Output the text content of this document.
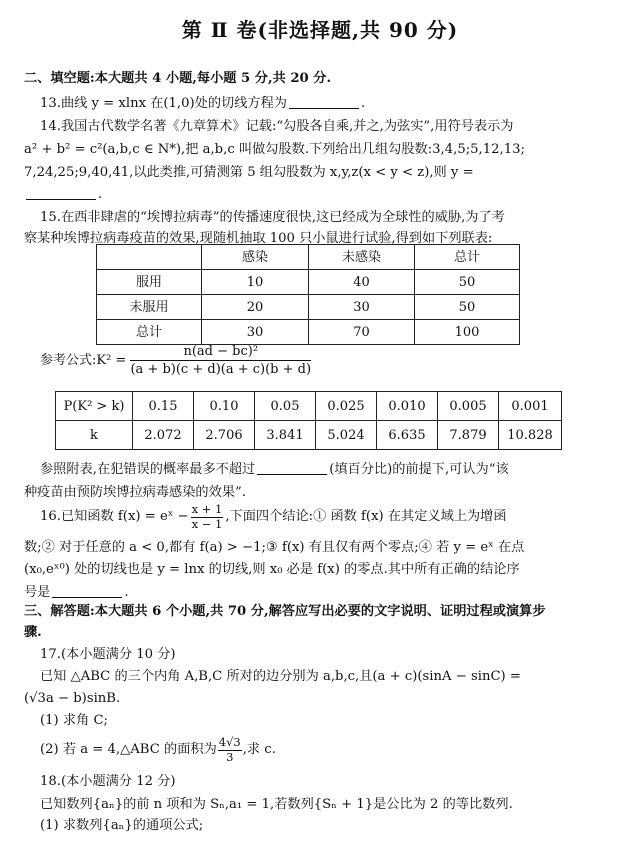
第 Ⅱ 卷(非选择题,共 90 分)
二、填空题:本大题共 4 小题,每小题 5 分,共 20 分.
13.曲线 y = xlnx 在(1,0)处的切线方程为	.
14.我国古代数学名著《九章算术》记载:“勾股各自乘,并之,为弦实”,用符号表示为
a² + b² = c²(a,b,c ∈ N*),把 a,b,c 叫做勾股数.下列给出几组勾股数:3,4,5;5,12,13;
7,24,25;9,40,41,以此类推,可猜测第 5 组勾股数为 x,y,z(x < y < z),则 y =
.
15.在西非肆虐的“埃博拉病毒”的传播速度很快,这已经成为全球性的威胁,为了考
察某种埃博拉病毒疫苗的效果,现随机抽取 100 只小鼠进行试验,得到如下列联表:
	感染	未感染	总计
服用	10	40	50
未服用	20	30	50
总计	30	70	100
参考公式:K² = $\frac{\text{n(ad − bc)²}}{(a + b)(c + d)(a + c)(b + d)}$
P(K² > k)	0.15	0.10	0.05	0.025	0.010	0.005	0.001
k	2.072	2.706	3.841	5.024	6.635	7.879	10.828
参照附表,在犯错误的概率最多不超过	(填百分比)的前提下,可认为“该
种疫苗由预防埃博拉病毒感染的效果”.
16.已知函数 f(x) = eˣ − $\frac{x + 1}{x - 1}$ ,下面四个结论:① 函数 f(x) 在其定义域上为增函
数;② 对于任意的 a < 0,都有 f(a) > −1;③ f(x) 有且仅有两个零点;④ 若 y = eˣ 在点
(x₀,eˣ⁰) 处的切线也是 y = lnx 的切线,则 x₀ 必是 f(x) 的零点.其中所有正确的结论序
号是	.
三、解答题:本大题共 6 个小题,共 70 分,解答应写出必要的文字说明、证明过程或演算步
骤.
17.(本小题满分 10 分)
已知 △ABC 的三个内角 A,B,C 所对的边分别为 a,b,c,且(a + c)(sinA − sinC) =
(√3a − b)sinB.
(1) 求角 C;
(2) 若 a = 4,△ABC 的面积为 $\frac{4√3}{3}$ ,求 c.
18.(本小题满分 12 分)
已知数列{aₙ}的前 n 项和为 Sₙ,a₁ = 1,若数列{Sₙ + 1}是公比为 2 的等比数列.
(1) 求数列{aₙ}的通项公式;
